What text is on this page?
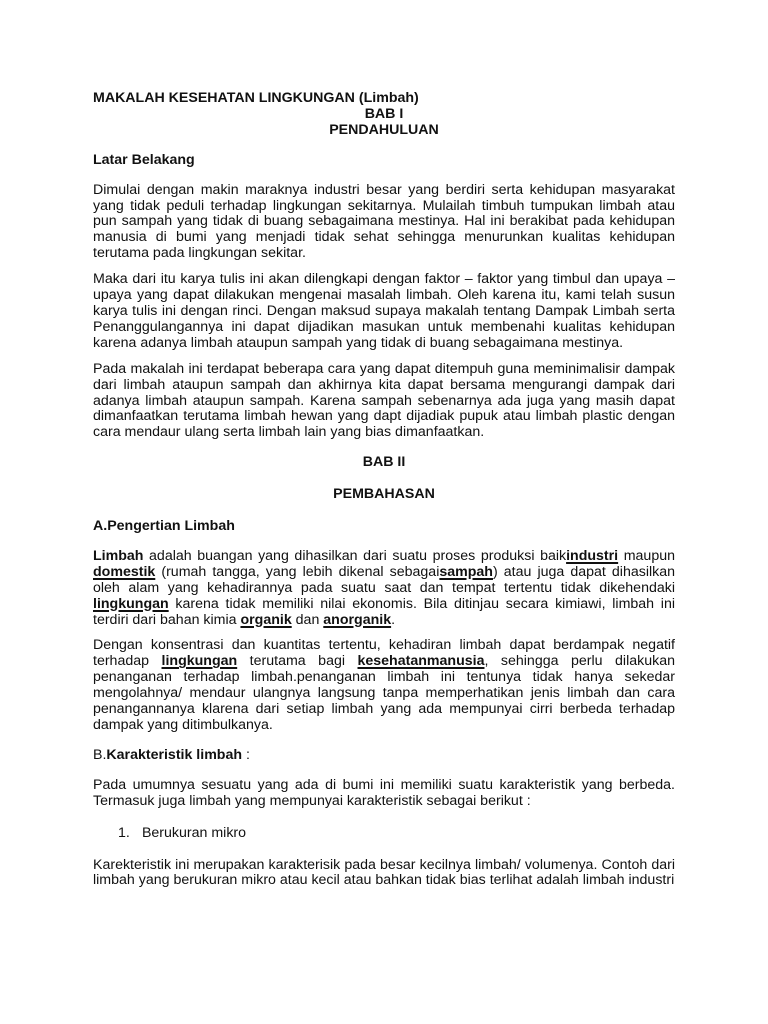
MAKALAH KESEHATAN LINGKUNGAN (Limbah)
BAB I
PENDAHULUAN
Latar Belakang

Dimulai dengan makin maraknya industri besar yang berdiri serta kehidupan masyarakat yang tidak peduli terhadap lingkungan sekitarnya. Mulailah timbuh tumpukan limbah atau pun sampah yang tidak di buang sebagaimana mestinya. Hal ini berakibat pada kehidupan manusia di bumi yang menjadi tidak sehat sehingga menurunkan kualitas kehidupan terutama pada lingkungan sekitar.

Maka dari itu karya tulis ini akan dilengkapi dengan faktor – faktor yang timbul dan upaya – upaya yang dapat dilakukan mengenai masalah limbah. Oleh karena itu, kami telah susun karya tulis ini dengan rinci. Dengan maksud supaya makalah tentang Dampak Limbah serta Penanggulangannya ini dapat dijadikan masukan untuk membenahi kualitas kehidupan karena adanya limbah ataupun sampah yang tidak di buang sebagaimana mestinya.

Pada makalah ini terdapat beberapa cara yang dapat ditempuh guna meminimalisir dampak dari limbah ataupun sampah dan akhirnya kita dapat bersama mengurangi dampak dari adanya limbah ataupun sampah. Karena sampah sebenarnya ada juga yang masih dapat dimanfaatkan terutama limbah hewan yang dapt dijadiak pupuk atau limbah plastic dengan cara mendaur ulang serta limbah lain yang bias dimanfaatkan.

BAB II
PEMBAHASAN
A.Pengertian Limbah

Limbah adalah buangan yang dihasilkan dari suatu proses produksi baikindustri maupun domestik (rumah tangga, yang lebih dikenal sebagaisampah) atau juga dapat dihasilkan oleh alam yang kehadirannya pada suatu saat dan tempat tertentu tidak dikehendaki lingkungan karena tidak memiliki nilai ekonomis. Bila ditinjau secara kimiawi, limbah ini terdiri dari bahan kimia organik dan anorganik.

Dengan konsentrasi dan kuantitas tertentu, kehadiran limbah dapat berdampak negatif terhadap lingkungan terutama bagi kesehatanmanusia, sehingga perlu dilakukan penanganan terhadap limbah.penanganan limbah ini tentunya tidak hanya sekedar mengolahnya/ mendaur ulangnya langsung tanpa memperhatikan jenis limbah dan cara penangannanya klarena dari setiap limbah yang ada mempunyai cirri berbeda terhadap dampak yang ditimbulkanya.

B.Karakteristik limbah :

Pada umumnya sesuatu yang ada di bumi ini memiliki suatu karakteristik yang berbeda. Termasuk juga limbah yang mempunyai karakteristik sebagai berikut :

1. Berukuran mikro

Karekteristik ini merupakan karakterisik pada besar kecilnya limbah/ volumenya. Contoh dari limbah yang berukuran mikro atau kecil atau bahkan tidak bias terlihat adalah limbah industri
